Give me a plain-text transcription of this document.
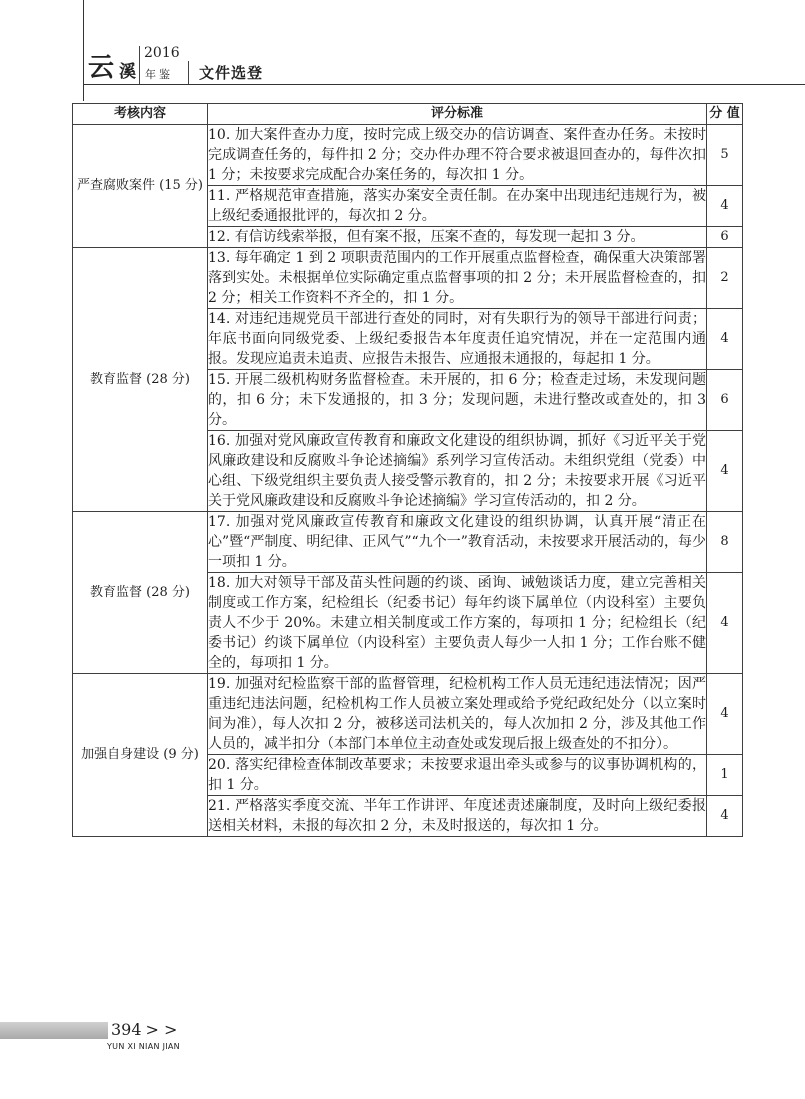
云 溪
2016
年鉴 文件选登
考核内容	评分标准	分 值
严查腐败案件 (15 分)	10. 加大案件查办力度，按时完成上级交办的信访调查、案件查办任务。未按时完成调查任务的，每件扣 2 分；交办件办理不符合要求被退回查办的，每件次扣 1 分；未按要求完成配合办案任务的，每次扣 1 分。	5
	11. 严格规范审查措施，落实办案安全责任制。在办案中出现违纪违规行为，被上级纪委通报批评的，每次扣 2 分。	4
	12. 有信访线索举报，但有案不报，压案不查的，每发现一起扣 3 分。	6
教育监督 (28 分)	13. 每年确定 1 到 2 项职责范围内的工作开展重点监督检查，确保重大决策部署落到实处。未根据单位实际确定重点监督事项的扣 2 分；未开展监督检查的，扣 2 分；相关工作资料不齐全的，扣 1 分。	2
	14. 对违纪违规党员干部进行查处的同时，对有失职行为的领导干部进行问责；年底书面向同级党委、上级纪委报告本年度责任追究情况，并在一定范围内通报。发现应追责未追责、应报告未报告、应通报未通报的，每起扣 1 分。	4
	15. 开展二级机构财务监督检查。未开展的，扣 6 分；检查走过场，未发现问题的，扣 6 分；未下发通报的，扣 3 分；发现问题，未进行整改或查处的，扣 3 分。	6
	16. 加强对党风廉政宣传教育和廉政文化建设的组织协调，抓好《习近平关于党风廉政建设和反腐败斗争论述摘编》系列学习宣传活动。未组织党组（党委）中心组、下级党组织主要负责人接受警示教育的，扣 2 分；未按要求开展《习近平关于党风廉政建设和反腐败斗争论述摘编》学习宣传活动的，扣 2 分。	4
教育监督 (28 分)	17. 加强对党风廉政宣传教育和廉政文化建设的组织协调，认真开展“清正在心”暨“严制度、明纪律、正风气”“九个一”教育活动，未按要求开展活动的，每少一项扣 1 分。	8
	18. 加大对领导干部及苗头性问题的约谈、函询、诫勉谈话力度，建立完善相关制度或工作方案，纪检组长（纪委书记）每年约谈下属单位（内设科室）主要负责人不少于 20%。未建立相关制度或工作方案的，每项扣 1 分；纪检组长（纪委书记）约谈下属单位（内设科室）主要负责人每少一人扣 1 分；工作台账不健全的，每项扣 1 分。	4
加强自身建设 (9 分)	19. 加强对纪检监察干部的监督管理，纪检机构工作人员无违纪违法情况；因严重违纪违法问题，纪检机构工作人员被立案处理或给予党纪政纪处分（以立案时间为准），每人次扣 2 分，被移送司法机关的，每人次加扣 2 分，涉及其他工作人员的，减半扣分（本部门本单位主动查处或发现后报上级查处的不扣分）。	4
	20. 落实纪律检查体制改革要求；未按要求退出牵头或参与的议事协调机构的，扣 1 分。	1
	21. 严格落实季度交流、半年工作讲评、年度述责述廉制度，及时向上级纪委报送相关材料，未报的每次扣 2 分，未及时报送的，每次扣 1 分。	4
394 > >
YUN XI NIAN JIAN
